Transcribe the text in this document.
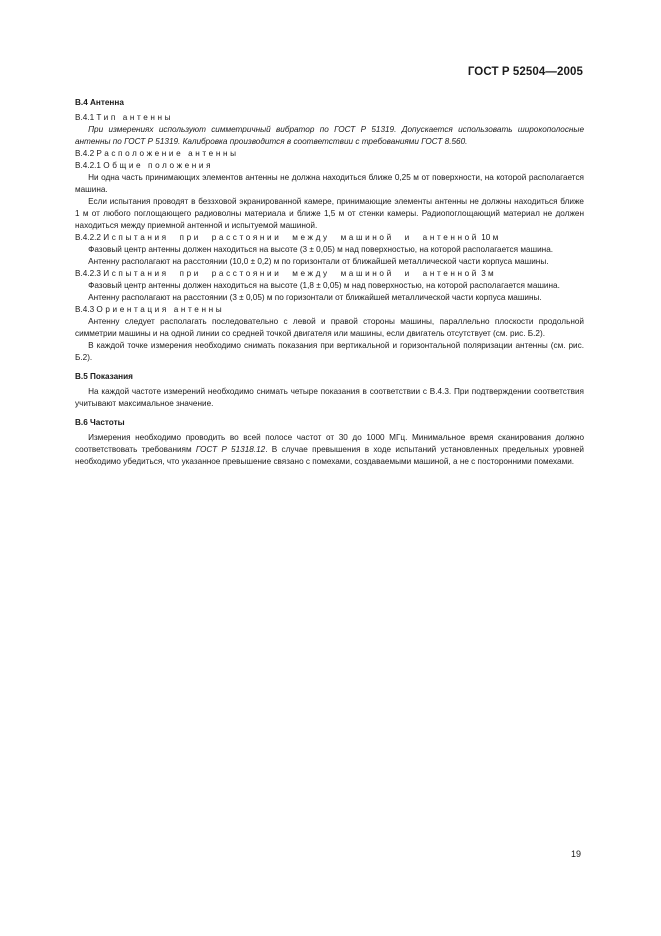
ГОСТ Р 52504—2005

В.4 Антенна

В.4.1 Тип антенны

При измерениях используют симметричный вибратор по ГОСТ Р 51319. Допускается использовать широкополосные антенны по ГОСТ Р 51319. Калибровка производится в соответствии с требованиями ГОСТ 8.560.

В.4.2 Расположение антенны

В.4.2.1 Общие положения

Ни одна часть принимающих элементов антенны не должна находиться ближе 0,25 м от поверхности, на которой располагается машина.

Если испытания проводят в беззховой экранированной камере, принимающие элементы антенны не должны находиться ближе 1 м от любого поглощающего радиоволны материала и ближе 1,5 м от стенки камеры. Радиопоглощающий материал не должен находиться между приемной антенной и испытуемой машиной.

В.4.2.2 Испытания при расстоянии между машиной и антенной 10 м

Фазовый центр антенны должен находиться на высоте (3 ± 0,05) м над поверхностью, на которой располагается машина.

Антенну располагают на расстоянии (10,0 ± 0,2) м по горизонтали от ближайшей металлической части корпуса машины.

В.4.2.3 Испытания при расстоянии между машиной и антенной 3 м

Фазовый центр антенны должен находиться на высоте (1,8 ± 0,05) м над поверхностью, на которой располагается машина.

Антенну располагают на расстоянии (3 ± 0,05) м по горизонтали от ближайшей металлической части корпуса машины.

В.4.3 Ориентация антенны

Антенну следует располагать последовательно с левой и правой стороны машины, параллельно плоскости продольной симметрии машины и на одной линии со средней точкой двигателя или машины, если двигатель отсутствует (см. рис. Б.2).

В каждой точке измерения необходимо снимать показания при вертикальной и горизонтальной поляризации антенны (см. рис. Б.2).

В.5 Показания

На каждой частоте измерений необходимо снимать четыре показания в соответствии с В.4.3. При подтверждении соответствия учитывают максимальное значение.

В.6 Частоты

Измерения необходимо проводить во всей полосе частот от 30 до 1000 МГц. Минимальное время сканирования должно соответствовать требованиям ГОСТ Р 51318.12. В случае превышения в ходе испытаний установленных предельных уровней необходимо убедиться, что указанное превышение связано с помехами, создаваемыми машиной, а не с посторонними помехами.

19
